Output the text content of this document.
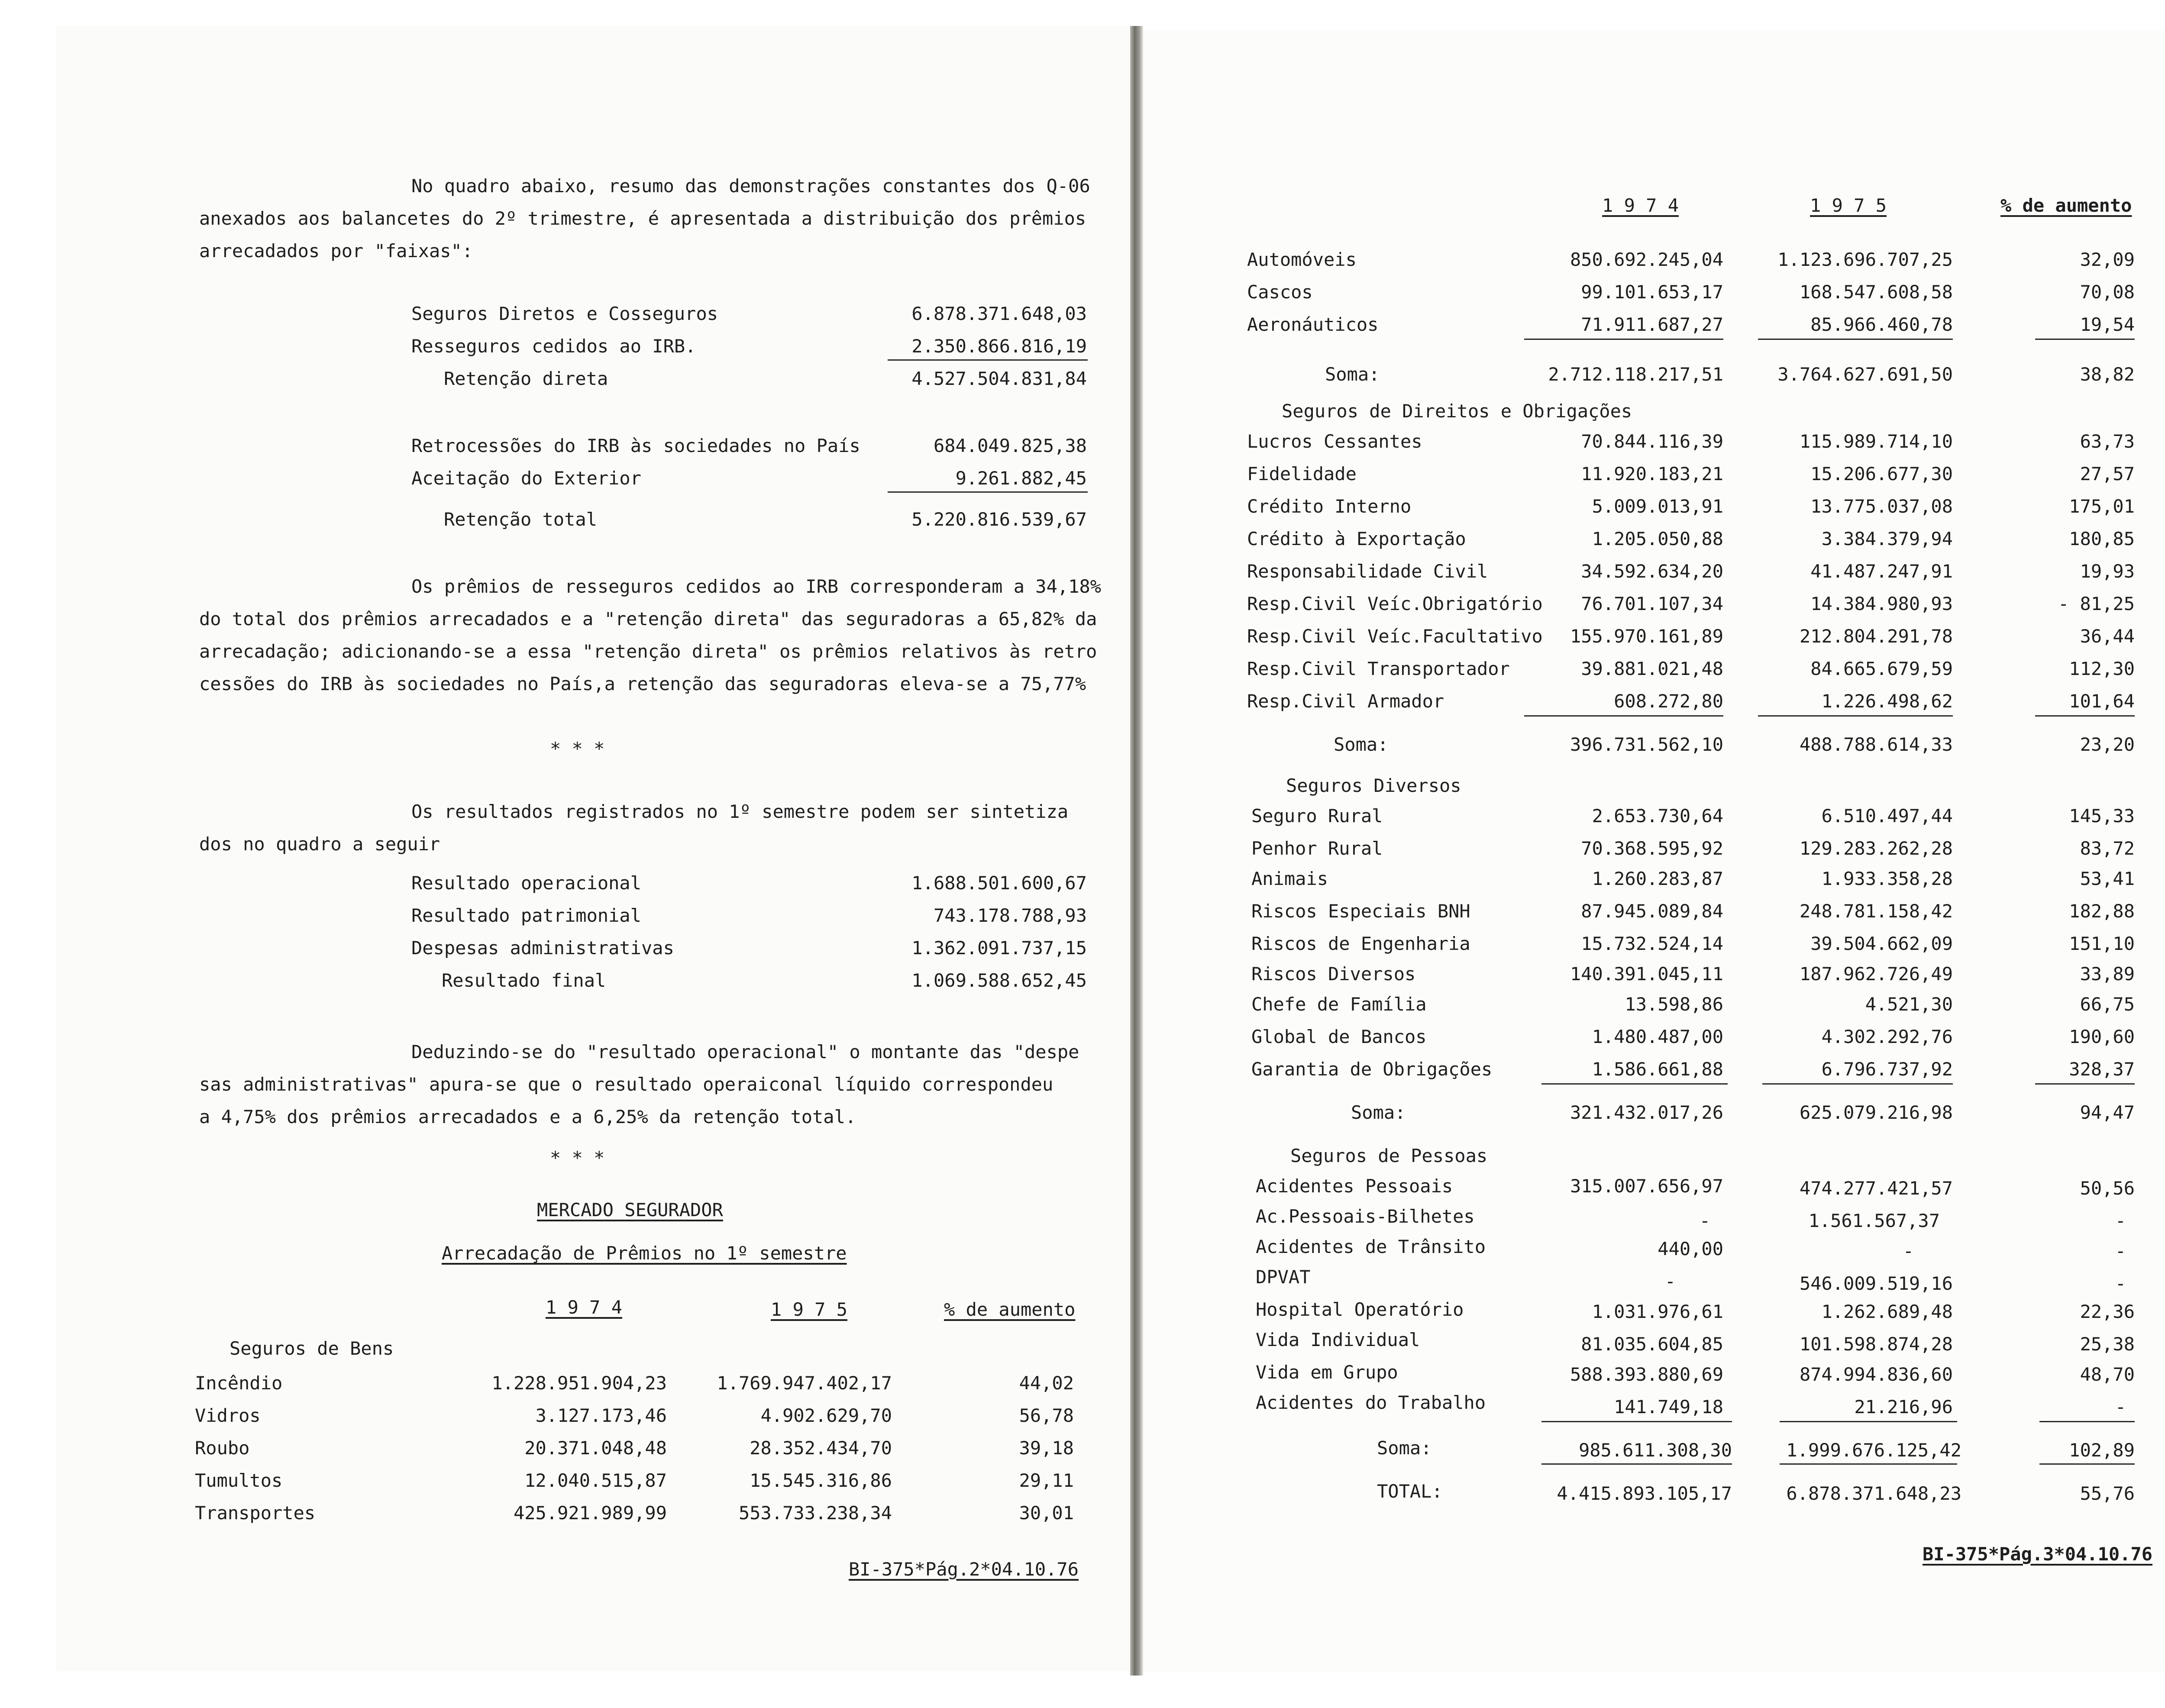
No quadro abaixo, resumo das demonstrações constantes dos Q-06
anexados aos balancetes do 2º trimestre, é apresentada a distribuição dos prêmios
arrecadados por "faixas":
Seguros Diretos e Cosseguros	6.878.371.648,03
Resseguros cedidos ao IRB.	2.350.866.816,19
Retenção direta	4.527.504.831,84
Retrocessões do IRB às sociedades no País	684.049.825,38
Aceitação do Exterior	9.261.882,45
Retenção total	5.220.816.539,67
Os prêmios de resseguros cedidos ao IRB corresponderam a 34,18%
do total dos prêmios arrecadados e a "retenção direta" das seguradoras a 65,82% da
arrecadação; adicionando-se a essa "retenção direta" os prêmios relativos às retro
cessões do IRB às sociedades no País,a retenção das seguradoras eleva-se a 75,77%
* * *
Os resultados registrados no 1º semestre podem ser sintetiza
dos no quadro a seguir
Resultado operacional	1.688.501.600,67
Resultado patrimonial	743.178.788,93
Despesas administrativas	1.362.091.737,15
Resultado final	1.069.588.652,45
Deduzindo-se do "resultado operacional" o montante das "despe
sas administrativas" apura-se que o resultado operaiconal líquido correspondeu
a 4,75% dos prêmios arrecadados e a 6,25% da retenção total.
* * *
MERCADO SEGURADOR
Arrecadação de Prêmios no 1º semestre
1 9 7 4	1 9 7 5	% de aumento
Seguros de Bens
Incêndio	1.228.951.904,23	1.769.947.402,17	44,02
Vidros	3.127.173,46	4.902.629,70	56,78
Roubo	20.371.048,48	28.352.434,70	39,18
Tumultos	12.040.515,87	15.545.316,86	29,11
Transportes	425.921.989,99	553.733.238,34	30,01
BI-375*Pág.2*04.10.76
1 9 7 4	1 9 7 5	% de aumento
Automóveis	850.692.245,04	1.123.696.707,25	32,09
Cascos	99.101.653,17	168.547.608,58	70,08
Aeronáuticos	71.911.687,27	85.966.460,78	19,54
Soma:	2.712.118.217,51	3.764.627.691,50	38,82
Seguros de Direitos e Obrigações
Lucros Cessantes	70.844.116,39	115.989.714,10	63,73
Fidelidade	11.920.183,21	15.206.677,30	27,57
Crédito Interno	5.009.013,91	13.775.037,08	175,01
Crédito à Exportação	1.205.050,88	3.384.379,94	180,85
Responsabilidade Civil	34.592.634,20	41.487.247,91	19,93
Resp.Civil Veíc.Obrigatório	76.701.107,34	14.384.980,93	- 81,25
Resp.Civil Veíc.Facultativo	155.970.161,89	212.804.291,78	36,44
Resp.Civil Transportador	39.881.021,48	84.665.679,59	112,30
Resp.Civil Armador	608.272,80	1.226.498,62	101,64
Soma:	396.731.562,10	488.788.614,33	23,20
Seguros Diversos
Seguro Rural	2.653.730,64	6.510.497,44	145,33
Penhor Rural	70.368.595,92	129.283.262,28	83,72
Animais	1.260.283,87	1.933.358,28	53,41
Riscos Especiais BNH	87.945.089,84	248.781.158,42	182,88
Riscos de Engenharia	15.732.524,14	39.504.662,09	151,10
Riscos Diversos	140.391.045,11	187.962.726,49	33,89
Chefe de Família	13.598,86	4.521,30	66,75
Global de Bancos	1.480.487,00	4.302.292,76	190,60
Garantia de Obrigações	1.586.661,88	6.796.737,92	328,37
Soma:	321.432.017,26	625.079.216,98	94,47
Seguros de Pessoas
Acidentes Pessoais	315.007.656,97	474.277.421,57	50,56
Ac.Pessoais-Bilhetes	-	1.561.567,37	-
Acidentes de Trânsito	440,00	-	-
DPVAT	-	546.009.519,16	-
Hospital Operatório	1.031.976,61	1.262.689,48	22,36
Vida Individual	81.035.604,85	101.598.874,28	25,38
Vida em Grupo	588.393.880,69	874.994.836,60	48,70
Acidentes do Trabalho	141.749,18	21.216,96	-
Soma:	985.611.308,30	1.999.676.125,42	102,89
TOTAL:	4.415.893.105,17	6.878.371.648,23	55,76
BI-375*Pág.3*04.10.76
